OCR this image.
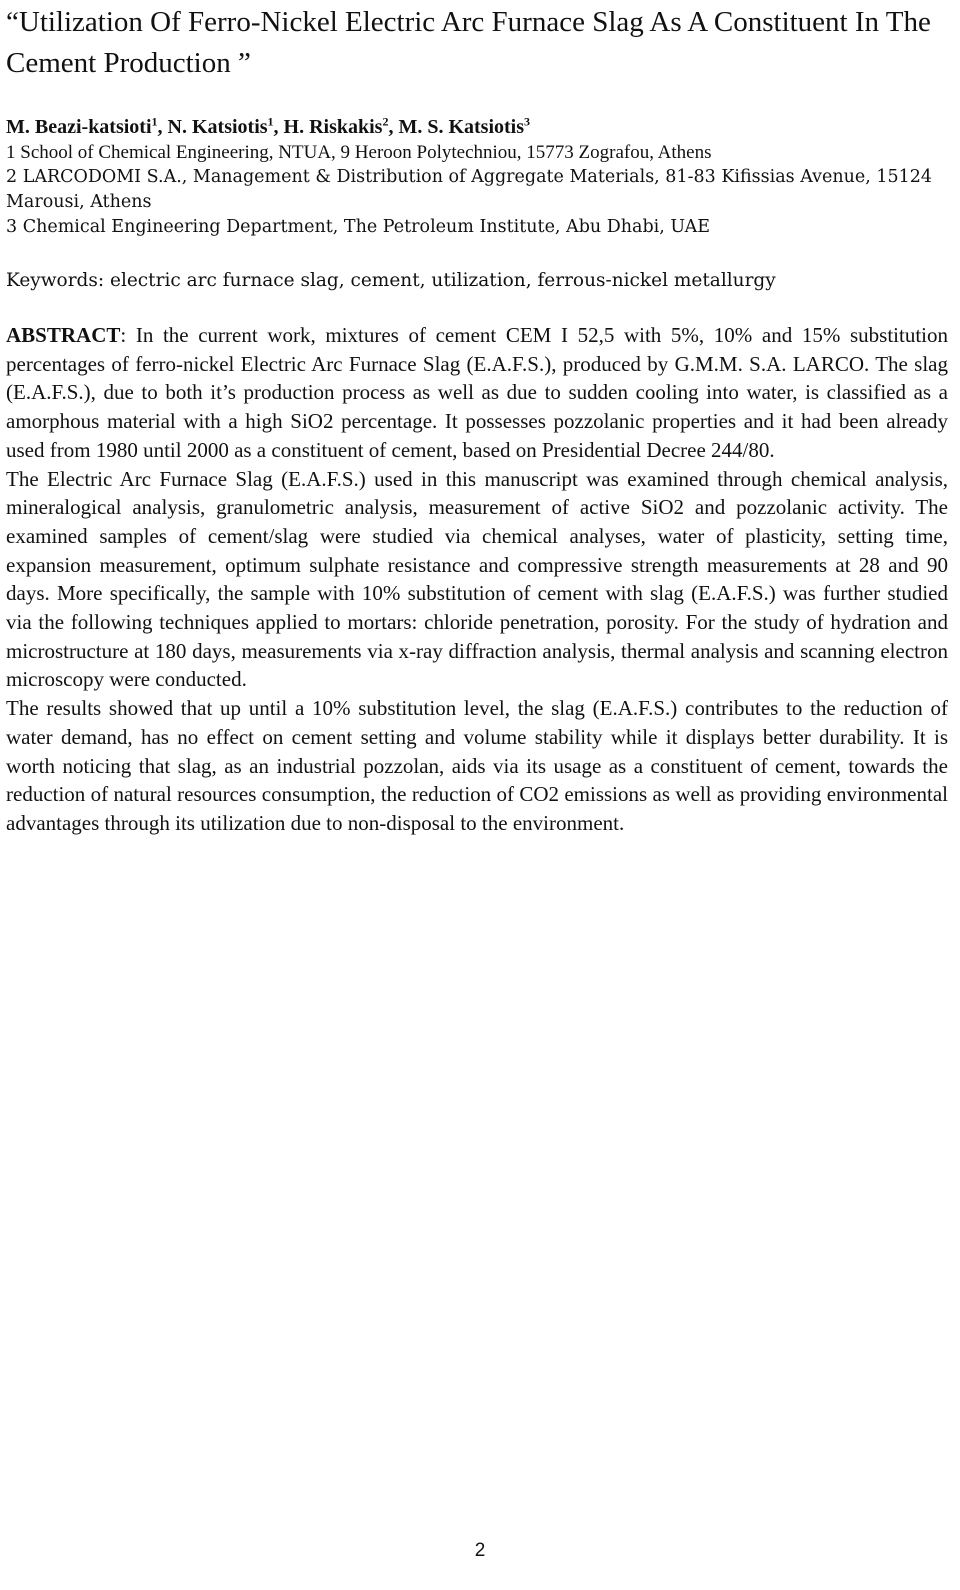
“Utilization Of Ferro-Nickel Electric Arc Furnace Slag As A Constituent In The Cement Production ”
M. Beazi-katsioti$^1$, N. Katsiotis$^1$, H. Riskakis$^2$, M. S. Katsiotis$^3$
1 School of Chemical Engineering, NTUA, 9 Heroon Polytechniou, 15773 Zografou, Athens
2 LARCODOMI S.A., Management & Distribution of Aggregate Materials, 81-83 Kifissias Avenue, 15124 Marousi, Athens
3 Chemical Engineering Department, The Petroleum Institute, Abu Dhabi, UAE
Keywords: electric arc furnace slag, cement, utilization, ferrous-nickel metallurgy

ABSTRACT: In the current work, mixtures of cement CEM I 52,5 with 5%, 10% and 15% substitution percentages of ferro-nickel Electric Arc Furnace Slag (E.A.F.S.), produced by G.M.M. S.A. LARCO. The slag (E.A.F.S.), due to both it’s production process as well as due to sudden cooling into water, is classified as a amorphous material with a high SiO2 percentage. It possesses pozzolanic properties and it had been already used from 1980 until 2000 as a constituent of cement, based on Presidential Decree 244/80.

The Electric Arc Furnace Slag (E.A.F.S.) used in this manuscript was examined through chemical analysis, mineralogical analysis, granulometric analysis, measurement of active SiO2 and pozzolanic activity. The examined samples of cement/slag were studied via chemical analyses, water of plasticity, setting time, expansion measurement, optimum sulphate resistance and compressive strength measurements at 28 and 90 days. More specifically, the sample with 10% substitution of cement with slag (E.A.F.S.) was further studied via the following techniques applied to mortars: chloride penetration, porosity. For the study of hydration and microstructure at 180 days, measurements via x-ray diffraction analysis, thermal analysis and scanning electron microscopy were conducted.

The results showed that up until a 10% substitution level, the slag (E.A.F.S.) contributes to the reduction of water demand, has no effect on cement setting and volume stability while it displays better durability. It is worth noticing that slag, as an industrial pozzolan, aids via its usage as a constituent of cement, towards the reduction of natural resources consumption, the reduction of CO2 emissions as well as providing environmental advantages through its utilization due to non-disposal to the environment.

2
